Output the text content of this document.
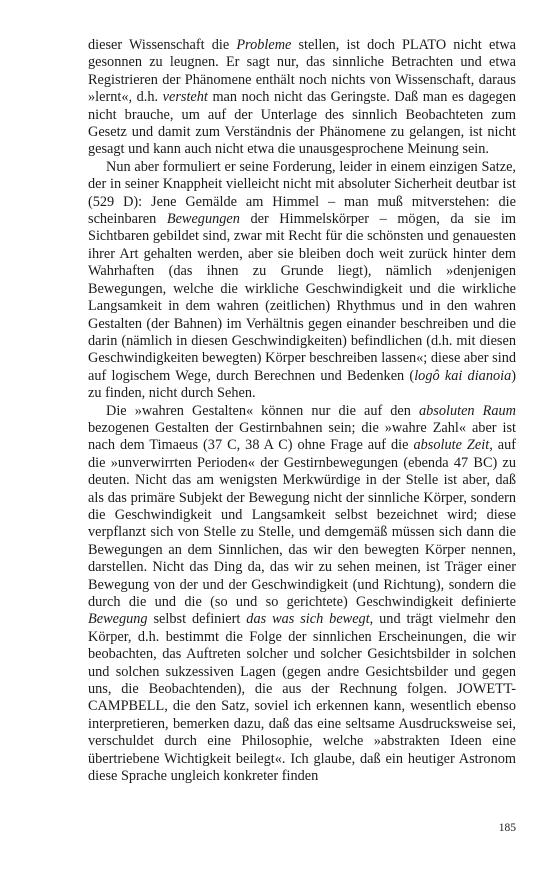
dieser Wissenschaft die Probleme stellen, ist doch PLATO nicht etwa gesonnen zu leugnen. Er sagt nur, das sinnliche Betrachten und etwa Registrieren der Phänomene enthält noch nichts von Wissenschaft, daraus »lernt«, d.h. versteht man noch nicht das Geringste. Daß man es dagegen nicht brauche, um auf der Unterlage des sinnlich Beobachteten zum Gesetz und damit zum Verständnis der Phänomene zu gelangen, ist nicht gesagt und kann auch nicht etwa die unausgesprochene Meinung sein.

Nun aber formuliert er seine Forderung, leider in einem einzigen Satze, der in seiner Knappheit vielleicht nicht mit absoluter Sicherheit deutbar ist (529 D): Jene Gemälde am Himmel – man muß mitverstehen: die scheinbaren Bewegungen der Himmelskörper – mögen, da sie im Sichtbaren gebildet sind, zwar mit Recht für die schönsten und genauesten ihrer Art gehalten werden, aber sie bleiben doch weit zurück hinter dem Wahrhaften (das ihnen zu Grunde liegt), nämlich »denjenigen Bewegungen, welche die wirkliche Geschwindigkeit und die wirkliche Langsamkeit in dem wahren (zeitlichen) Rhythmus und in den wahren Gestalten (der Bahnen) im Verhältnis gegen einander beschreiben und die darin (nämlich in diesen Geschwindigkeiten) befindlichen (d.h. mit diesen Geschwindigkeiten bewegten) Körper beschreiben lassen«; diese aber sind auf logischem Wege, durch Berechnen und Bedenken (logô kai dianoia) zu finden, nicht durch Sehen.

Die »wahren Gestalten« können nur die auf den absoluten Raum bezogenen Gestalten der Gestirnbahnen sein; die »wahre Zahl« aber ist nach dem Timaeus (37 C, 38 A C) ohne Frage auf die absolute Zeit, auf die »unverwirrten Perioden« der Gestirnbewegungen (ebenda 47 BC) zu deuten. Nicht das am wenigsten Merkwürdige in der Stelle ist aber, daß als das primäre Subjekt der Bewegung nicht der sinnliche Körper, sondern die Geschwindigkeit und Langsamkeit selbst bezeichnet wird; diese verpflanzt sich von Stelle zu Stelle, und demgemäß müssen sich dann die Bewegungen an dem Sinnlichen, das wir den bewegten Körper nennen, darstellen. Nicht das Ding da, das wir zu sehen meinen, ist Träger einer Bewegung von der und der Geschwindigkeit (und Richtung), sondern die durch die und die (so und so gerichtete) Geschwindigkeit definierte Bewegung selbst definiert das was sich bewegt, und trägt vielmehr den Körper, d.h. bestimmt die Folge der sinnlichen Erscheinungen, die wir beobachten, das Auftreten solcher und solcher Gesichtsbilder in solchen und solchen sukzessiven Lagen (gegen andre Gesichtsbilder und gegen uns, die Beobachtenden), die aus der Rechnung folgen. JOWETT-CAMPBELL, die den Satz, soviel ich erkennen kann, wesentlich ebenso interpretieren, bemerken dazu, daß das eine seltsame Ausdrucksweise sei, verschuldet durch eine Philosophie, welche »abstrakten Ideen eine übertriebene Wichtigkeit beilegt«. Ich glaube, daß ein heutiger Astronom diese Sprache ungleich konkreter finden

185
